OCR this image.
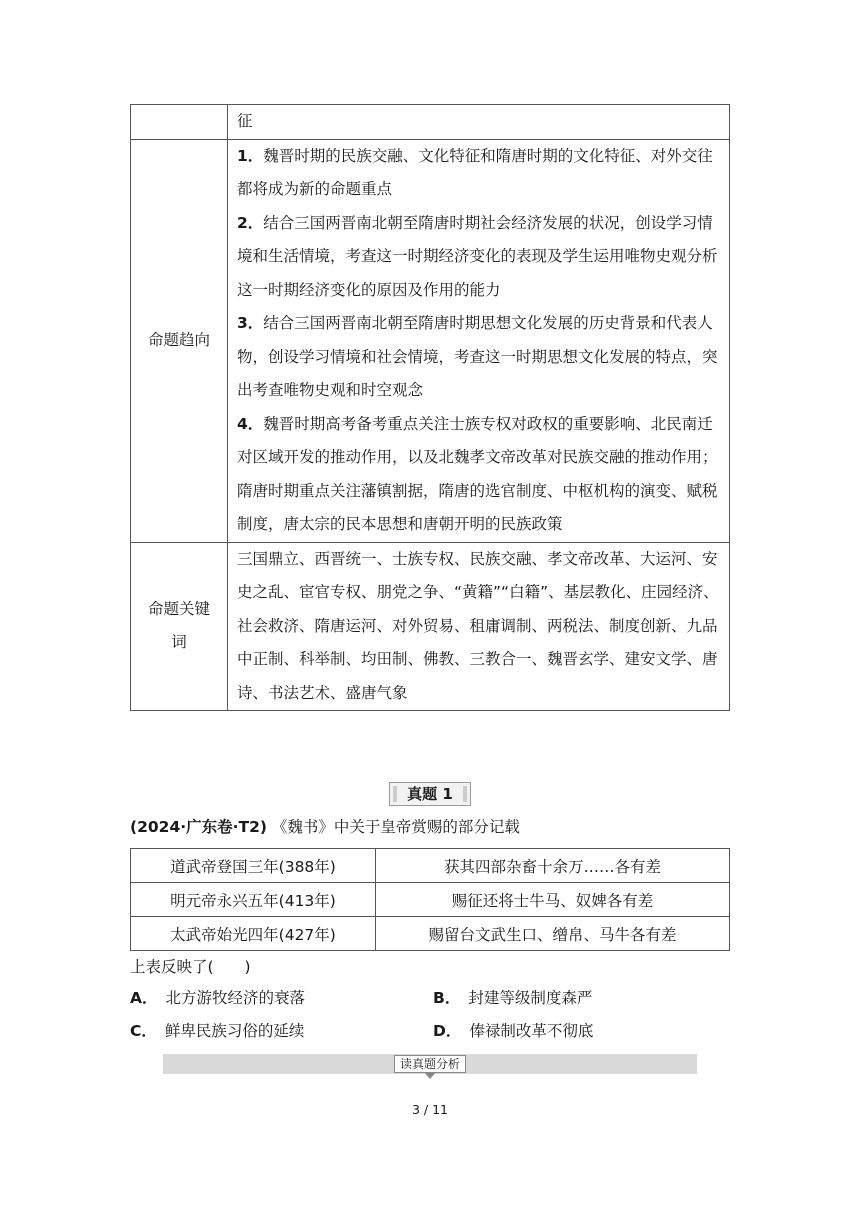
	征
命题趋向	1．魏晋时期的民族交融、文化特征和隋唐时期的文化特征、对外交往都将成为新的命题重点
2．结合三国两晋南北朝至隋唐时期社会经济发展的状况，创设学习情境和生活情境，考查这一时期经济变化的表现及学生运用唯物史观分析这一时期经济变化的原因及作用的能力
3．结合三国两晋南北朝至隋唐时期思想文化发展的历史背景和代表人物，创设学习情境和社会情境，考查这一时期思想文化发展的特点，突出考查唯物史观和时空观念
4．魏晋时期高考备考重点关注士族专权对政权的重要影响、北民南迁对区域开发的推动作用，以及北魏孝文帝改革对民族交融的推动作用；隋唐时期重点关注藩镇割据，隋唐的选官制度、中枢机构的演变、赋税制度，唐太宗的民本思想和唐朝开明的民族政策

命题关键词	三国鼎立、西晋统一、士族专权、民族交融、孝文帝改革、大运河、安史之乱、宦官专权、朋党之争、“黄籍”“白籍”、基层教化、庄园经济、社会救济、隋唐运河、对外贸易、租庸调制、两税法、制度创新、九品中正制、科举制、均田制、佛教、三教合一、魏晋玄学、建安文学、唐诗、书法艺术、盛唐气象
真题 1
(2024·广东卷·T2) 《魏书》中关于皇帝赏赐的部分记载
道武帝登国三年(388年)	获其四部杂畜十余万……各有差
明元帝永兴五年(413年)	赐征还将士牛马、奴婢各有差
太武帝始光四年(427年)	赐留台文武生口、缯帛、马牛各有差
上表反映了(　　)
A． 北方游牧经济的衰落	B． 封建等级制度森严
C． 鲜卑民族习俗的延续	D． 俸禄制改革不彻底
读真题分析
3 / 11
